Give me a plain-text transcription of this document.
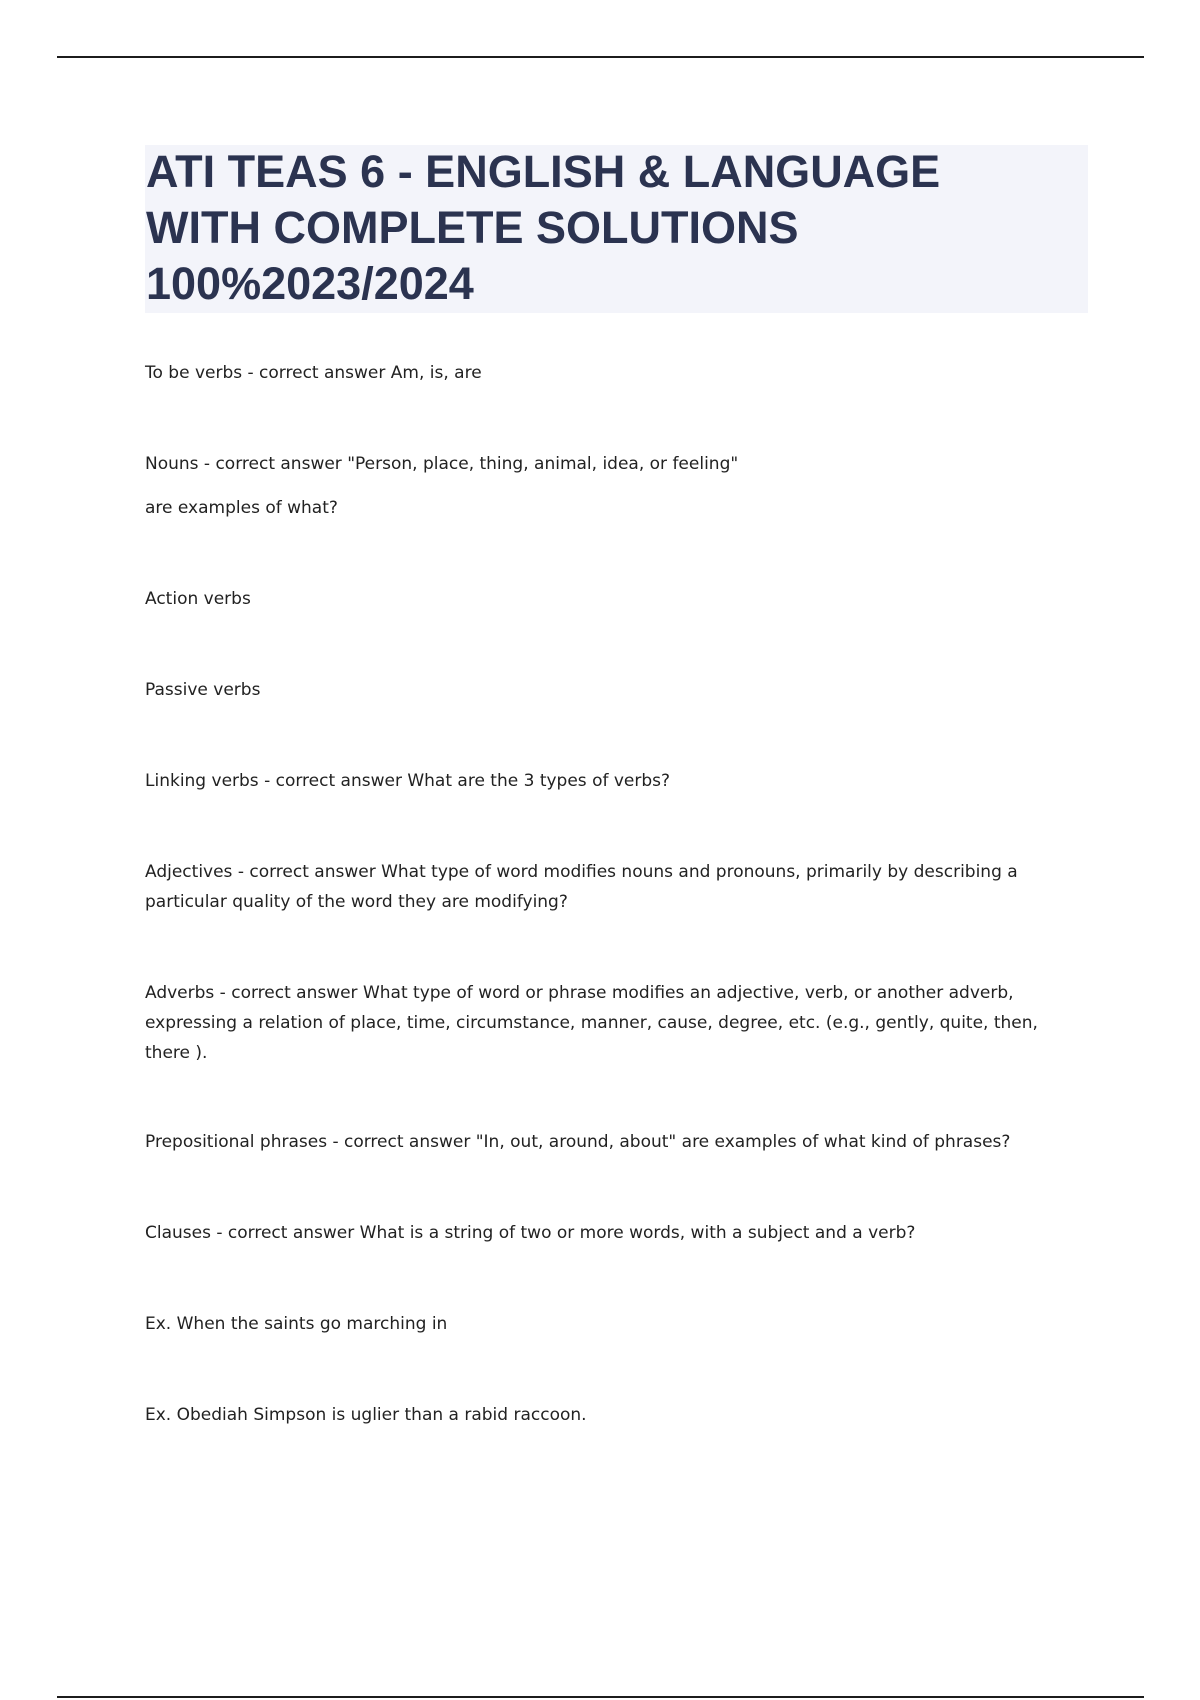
ATI TEAS 6 - ENGLISH & LANGUAGE
WITH COMPLETE SOLUTIONS
100%2023/2024

To be verbs - correct answer Am, is, are

Nouns - correct answer "Person, place, thing, animal, idea, or feeling"

are examples of what?

Action verbs

Passive verbs

Linking verbs - correct answer What are the 3 types of verbs?

Adjectives - correct answer What type of word modifies nouns and pronouns, primarily by describing a particular quality of the word they are modifying?

Adverbs - correct answer What type of word or phrase modifies an adjective, verb, or another adverb, expressing a relation of place, time, circumstance, manner, cause, degree, etc. (e.g., gently, quite, then, there ).

Prepositional phrases - correct answer "In, out, around, about" are examples of what kind of phrases?

Clauses - correct answer What is a string of two or more words, with a subject and a verb?

Ex. When the saints go marching in

Ex. Obediah Simpson is uglier than a rabid raccoon.
